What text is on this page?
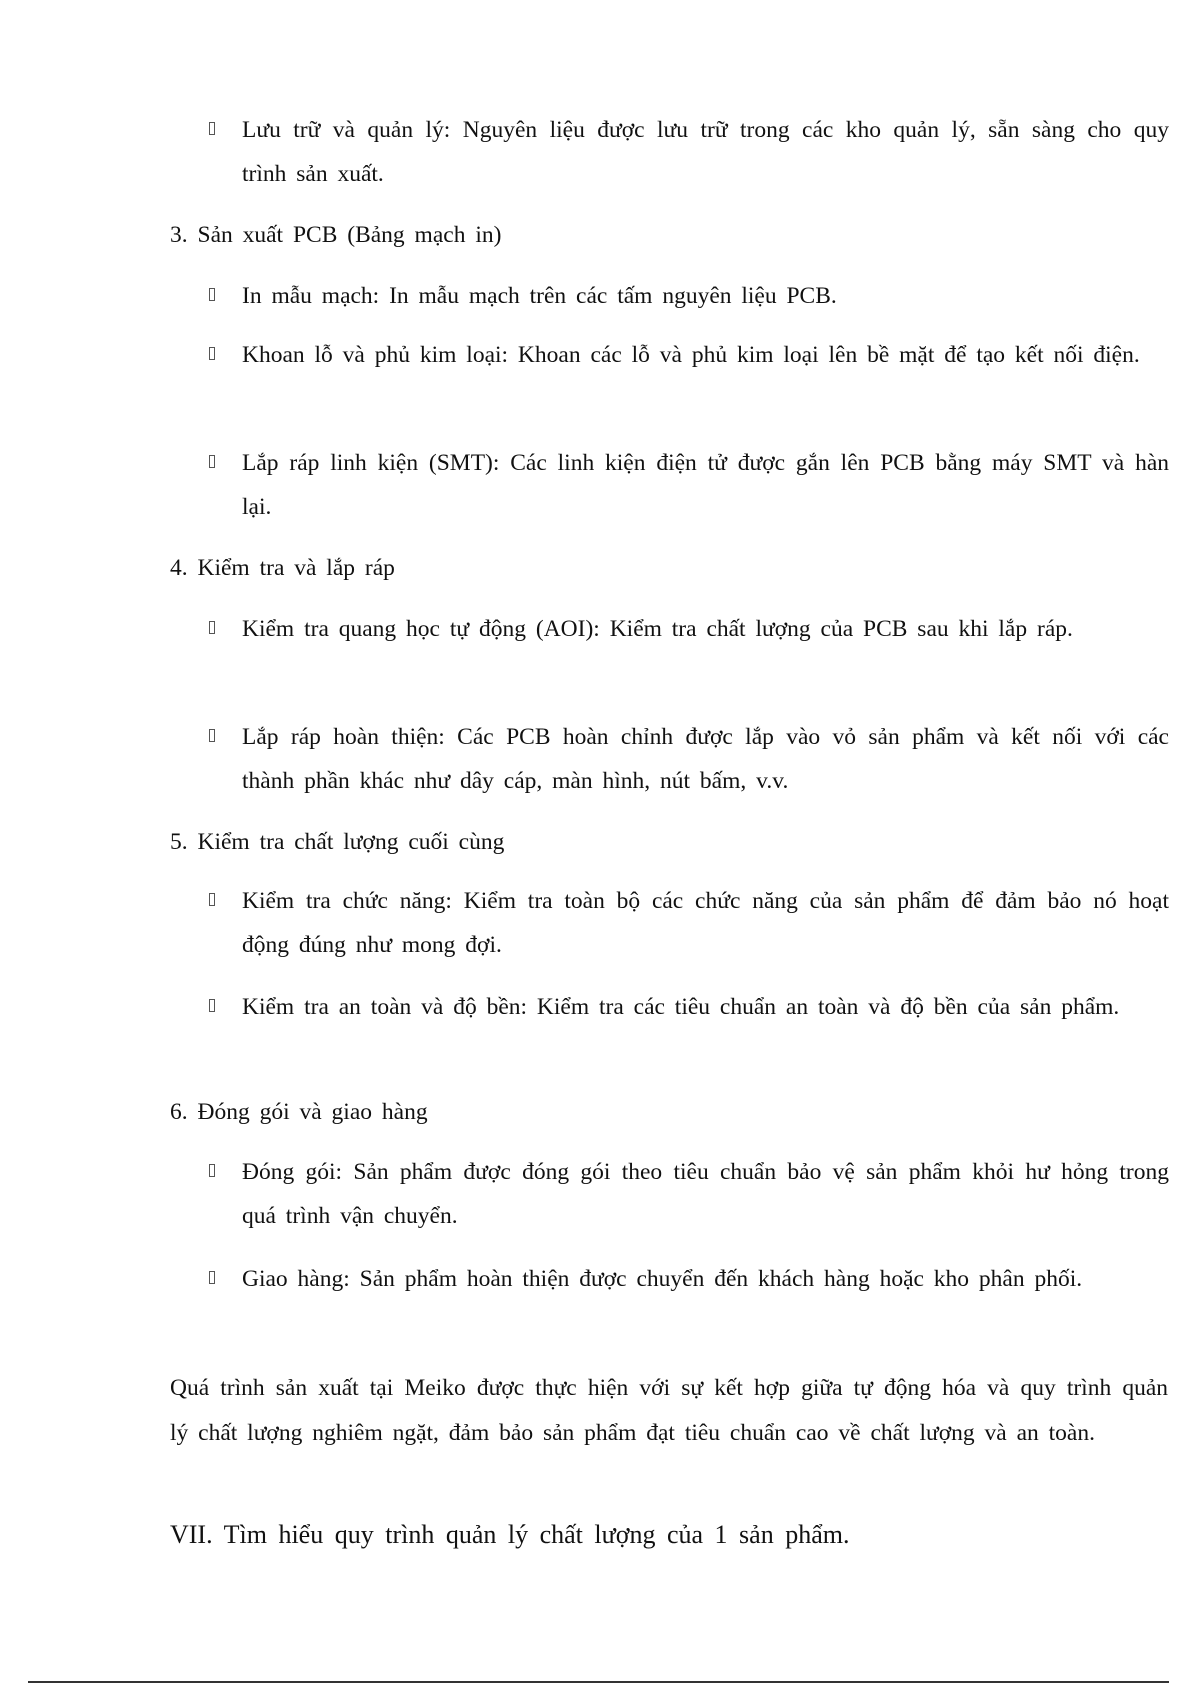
Lưu trữ và quản lý: Nguyên liệu được lưu trữ trong các kho quản lý, sẵn sàng cho quy trình sản xuất.
3. Sản xuất PCB (Bảng mạch in)
In mẫu mạch: In mẫu mạch trên các tấm nguyên liệu PCB.
Khoan lỗ và phủ kim loại: Khoan các lỗ và phủ kim loại lên bề mặt để tạo kết nối điện.
Lắp ráp linh kiện (SMT): Các linh kiện điện tử được gắn lên PCB bằng máy SMT và hàn lại.
4. Kiểm tra và lắp ráp
Kiểm tra quang học tự động (AOI): Kiểm tra chất lượng của PCB sau khi lắp ráp.
Lắp ráp hoàn thiện: Các PCB hoàn chỉnh được lắp vào vỏ sản phẩm và kết nối với các thành phần khác như dây cáp, màn hình, nút bấm, v.v.
5. Kiểm tra chất lượng cuối cùng
Kiểm tra chức năng: Kiểm tra toàn bộ các chức năng của sản phẩm để đảm bảo nó hoạt động đúng như mong đợi.
Kiểm tra an toàn và độ bền: Kiểm tra các tiêu chuẩn an toàn và độ bền của sản phẩm.
6. Đóng gói và giao hàng
Đóng gói: Sản phẩm được đóng gói theo tiêu chuẩn bảo vệ sản phẩm khỏi hư hỏng trong quá trình vận chuyển.
Giao hàng: Sản phẩm hoàn thiện được chuyển đến khách hàng hoặc kho phân phối.
Quá trình sản xuất tại Meiko được thực hiện với sự kết hợp giữa tự động hóa và quy trình quản lý chất lượng nghiêm ngặt, đảm bảo sản phẩm đạt tiêu chuẩn cao về chất lượng và an toàn.
VII. Tìm hiểu quy trình quản lý chất lượng của 1 sản phẩm.
